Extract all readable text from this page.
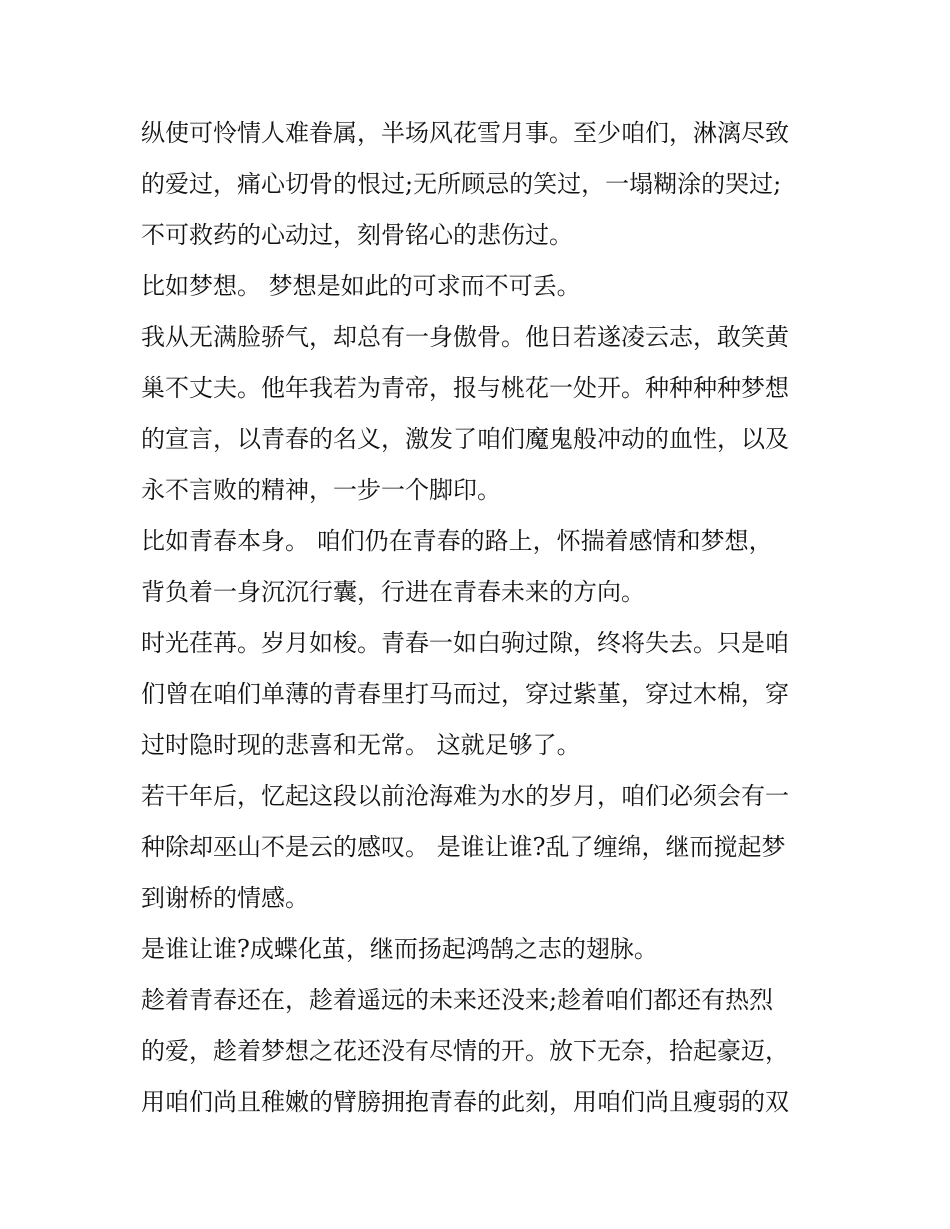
纵使可怜情人难眷属，半场风花雪月事。至少咱们，淋漓尽致
的爱过，痛心切骨的恨过;无所顾忌的笑过，一塌糊涂的哭过;
不可救药的心动过，刻骨铭心的悲伤过。
比如梦想。 梦想是如此的可求而不可丢。
我从无满脸骄气，却总有一身傲骨。他日若遂凌云志，敢笑黄
巢不丈夫。他年我若为青帝，报与桃花一处开。种种种种梦想
的宣言，以青春的名义，激发了咱们魔鬼般冲动的血性，以及
永不言败的精神，一步一个脚印。
比如青春本身。 咱们仍在青春的路上，怀揣着感情和梦想，
背负着一身沉沉行囊，行进在青春未来的方向。
时光荏苒。岁月如梭。青春一如白驹过隙，终将失去。只是咱
们曾在咱们单薄的青春里打马而过，穿过紫堇，穿过木棉，穿
过时隐时现的悲喜和无常。 这就足够了。
若干年后，忆起这段以前沧海难为水的岁月，咱们必须会有一
种除却巫山不是云的感叹。 是谁让谁?乱了缠绵，继而搅起梦
到谢桥的情感。
是谁让谁?成蝶化茧，继而扬起鸿鹄之志的翅脉。
趁着青春还在，趁着遥远的未来还没来;趁着咱们都还有热烈
的爱，趁着梦想之花还没有尽情的开。放下无奈，拾起豪迈，
用咱们尚且稚嫩的臂膀拥抱青春的此刻，用咱们尚且瘦弱的双
